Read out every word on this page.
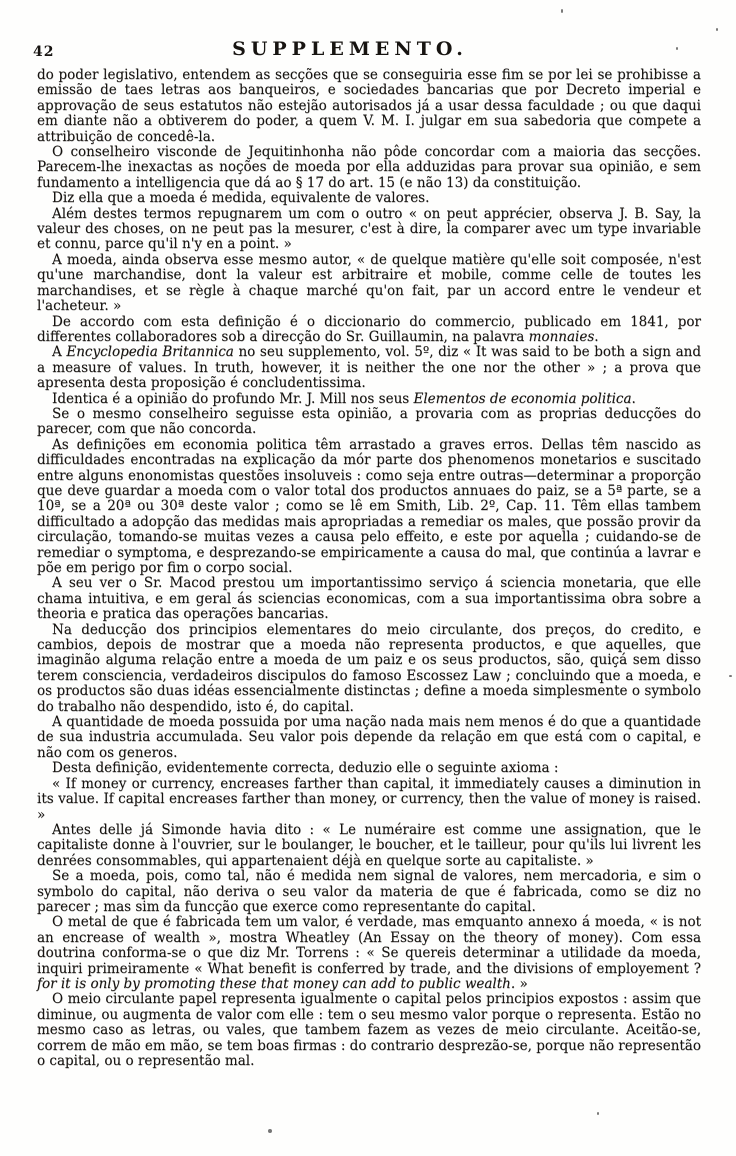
42	SUPPLEMENTO.

do poder legislativo, entendem as secções que se conseguiria esse fim se por lei se prohibisse a emissão de taes letras aos banqueiros, e sociedades bancarias que por Decreto imperial e approvação de seus estatutos não estejão autorisados já a usar dessa faculdade ; ou que daqui em diante não a obtiverem do poder, a quem V. M. I. julgar em sua sabedoria que compete a attribuição de concedê-la.

O conselheiro visconde de Jequitinhonha não pôde concordar com a maioria das secções. Parecem-lhe inexactas as noções de moeda por ella adduzidas para provar sua opinião, e sem fundamento a intelligencia que dá ao § 17 do art. 15 (e não 13) da constituição.

Diz ella que a moeda é medida, equivalente de valores.

Além destes termos repugnarem um com o outro « on peut apprécier, observa J. B. Say, la valeur des choses, on ne peut pas la mesurer, c'est à dire, la comparer avec um type invariable et connu, parce qu'il n'y en a point. »

A moeda, ainda observa esse mesmo autor, « de quelque matière qu'elle soit composée, n'est qu'une marchandise, dont la valeur est arbitraire et mobile, comme celle de toutes les marchandises, et se règle à chaque marché qu'on fait, par un accord entre le vendeur et l'acheteur. »

De accordo com esta definição é o diccionario do commercio, publicado em 1841, por differentes collaboradores sob a direcção do Sr. Guillaumin, na palavra monnaies.

A Encyclopedia Britannica no seu supplemento, vol. 5º, diz « It was said to be both a sign and a measure of values. In truth, however, it is neither the one nor the other » ; a prova que apresenta desta proposição é concludentissima.

Identica é a opinião do profundo Mr. J. Mill nos seus Elementos de economia politica.

Se o mesmo conselheiro seguisse esta opinião, a provaria com as proprias deducções do parecer, com que não concorda.

As definições em economia politica têm arrastado a graves erros. Dellas têm nascido as difficuldades encontradas na explicação da mór parte dos phenomenos monetarios e suscitado entre alguns enonomistas questões insoluveis : como seja entre outras—determinar a proporção que deve guardar a moeda com o valor total dos productos annuaes do paiz, se a 5ª parte, se a 10ª, se a 20ª ou 30ª deste valor ; como se lê em Smith, Lib. 2º, Cap. 11. Têm ellas tambem difficultado a adopção das medidas mais apropriadas a remediar os males, que possão provir da circulação, tomando-se muitas vezes a causa pelo effeito, e este por aquella ; cuidando-se de remediar o symptoma, e desprezando-se empiricamente a causa do mal, que continúa a lavrar e põe em perigo por fim o corpo social.

A seu ver o Sr. Macod prestou um importantissimo serviço á sciencia monetaria, que elle chama intuitiva, e em geral ás sciencias economicas, com a sua importantissima obra sobre a theoria e pratica das operações bancarias.

Na deducção dos principios elementares do meio circulante, dos preços, do credito, e cambios, depois de mostrar que a moeda não representa productos, e que aquelles, que imaginão alguma relação entre a moeda de um paiz e os seus productos, são, quiçá sem disso terem consciencia, verdadeiros discipulos do famoso Escossez Law ; concluindo que a moeda, e os productos são duas idéas essencialmente distinctas ; define a moeda simplesmente o symbolo do trabalho não despendido, isto é, do capital.

A quantidade de moeda possuida por uma nação nada mais nem menos é do que a quantidade de sua industria accumulada. Seu valor pois depende da relação em que está com o capital, e não com os generos.

Desta definição, evidentemente correcta, deduzio elle o seguinte axioma :

« If money or currency, encreases farther than capital, it immediately causes a diminution in its value. If capital encreases farther than money, or currency, then the value of money is raised. »

Antes delle já Simonde havia dito : « Le numéraire est comme une assignation, que le capitaliste donne à l'ouvrier, sur le boulanger, le boucher, et le tailleur, pour qu'ils lui livrent les denrées consommables, qui appartenaient déjà en quelque sorte au capitaliste. »

Se a moeda, pois, como tal, não é medida nem signal de valores, nem mercadoria, e sim o symbolo do capital, não deriva o seu valor da materia de que é fabricada, como se diz no parecer ; mas sim da funcção que exerce como representante do capital.

O metal de que é fabricada tem um valor, é verdade, mas emquanto annexo á moeda, « is not an encrease of wealth », mostra Wheatley (An Essay on the theory of money). Com essa doutrina conforma-se o que diz Mr. Torrens : « Se quereis determinar a utilidade da moeda, inquiri primeiramente « What benefit is conferred by trade, and the divisions of employement ? for it is only by promoting these that money can add to public wealth. »

O meio circulante papel representa igualmente o capital pelos principios expostos : assim que diminue, ou augmenta de valor com elle : tem o seu mesmo valor porque o representa. Estão no mesmo caso as letras, ou vales, que tambem fazem as vezes de meio circulante. Aceitão-se, correm de mão em mão, se tem boas firmas : do contrario desprezão-se, porque não representão o capital, ou o representão mal.
